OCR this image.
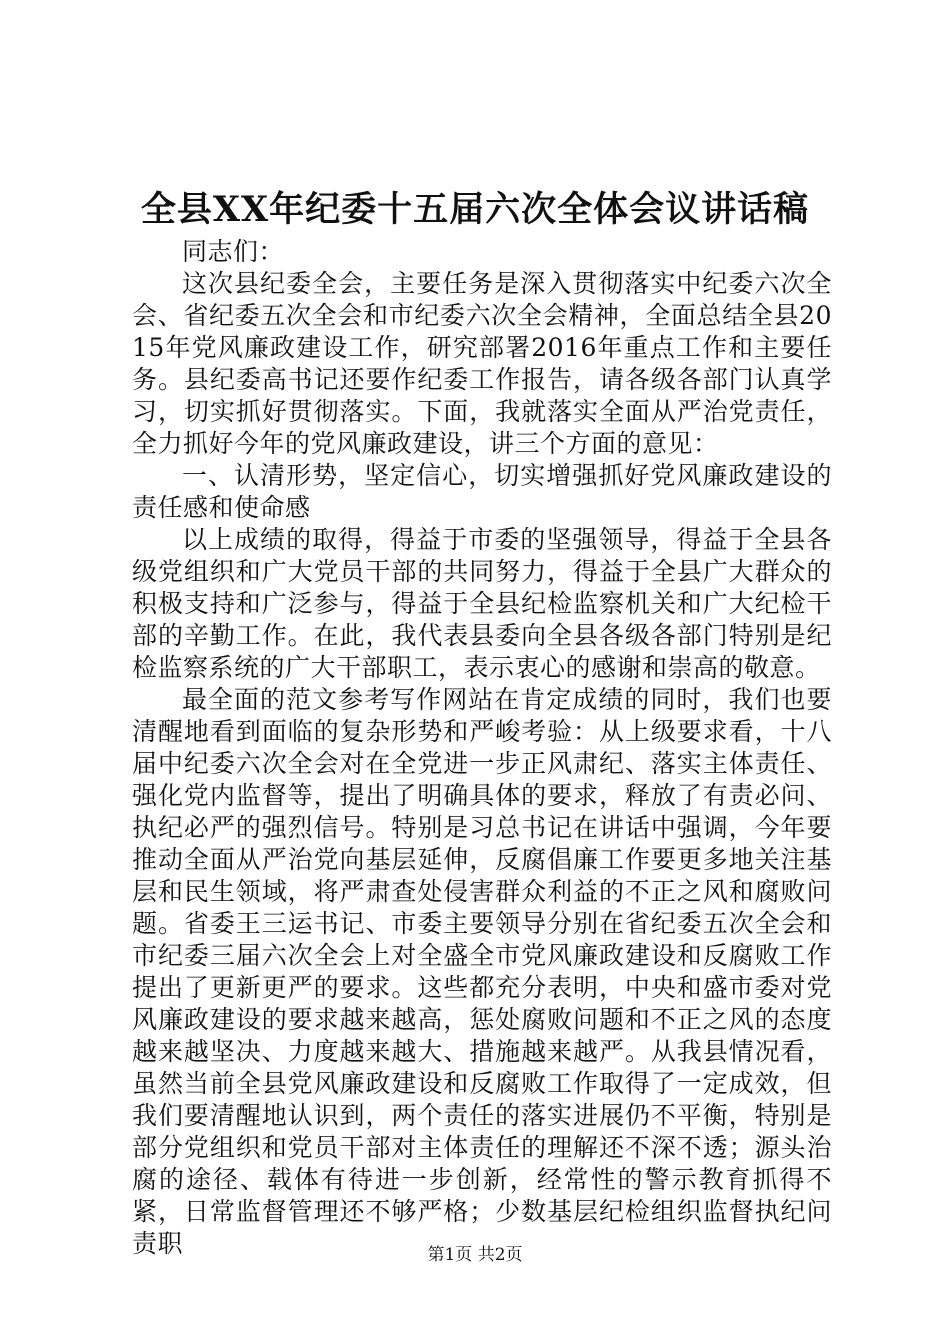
全县XX年纪委十五届六次全体会议讲话稿

同志们：

这次县纪委全会，主要任务是深入贯彻落实中纪委六次全会、省纪委五次全会和市纪委六次全会精神，全面总结全县2015年党风廉政建设工作，研究部署2016年重点工作和主要任务。县纪委高书记还要作纪委工作报告，请各级各部门认真学习，切实抓好贯彻落实。下面，我就落实全面从严治党责任，全力抓好今年的党风廉政建设，讲三个方面的意见：

一、认清形势，坚定信心，切实增强抓好党风廉政建设的责任感和使命感

以上成绩的取得，得益于市委的坚强领导，得益于全县各级党组织和广大党员干部的共同努力，得益于全县广大群众的积极支持和广泛参与，得益于全县纪检监察机关和广大纪检干部的辛勤工作。在此，我代表县委向全县各级各部门特别是纪检监察系统的广大干部职工，表示衷心的感谢和崇高的敬意。

最全面的范文参考写作网站在肯定成绩的同时，我们也要清醒地看到面临的复杂形势和严峻考验：从上级要求看，十八届中纪委六次全会对在全党进一步正风肃纪、落实主体责任、强化党内监督等，提出了明确具体的要求，释放了有责必问、执纪必严的强烈信号。特别是习总书记在讲话中强调，今年要推动全面从严治党向基层延伸，反腐倡廉工作要更多地关注基层和民生领域，将严肃查处侵害群众利益的不正之风和腐败问题。省委王三运书记、市委主要领导分别在省纪委五次全会和市纪委三届六次全会上对全盛全市党风廉政建设和反腐败工作提出了更新更严的要求。这些都充分表明，中央和盛市委对党风廉政建设的要求越来越高，惩处腐败问题和不正之风的态度越来越坚决、力度越来越大、措施越来越严。从我县情况看，虽然当前全县党风廉政建设和反腐败工作取得了一定成效，但我们要清醒地认识到，两个责任的落实进展仍不平衡，特别是部分党组织和党员干部对主体责任的理解还不深不透；源头治腐的途径、载体有待进一步创新，经常性的警示教育抓得不紧，日常监督管理还不够严格；少数基层纪检组织监督执纪问责职	第1页 共2页
